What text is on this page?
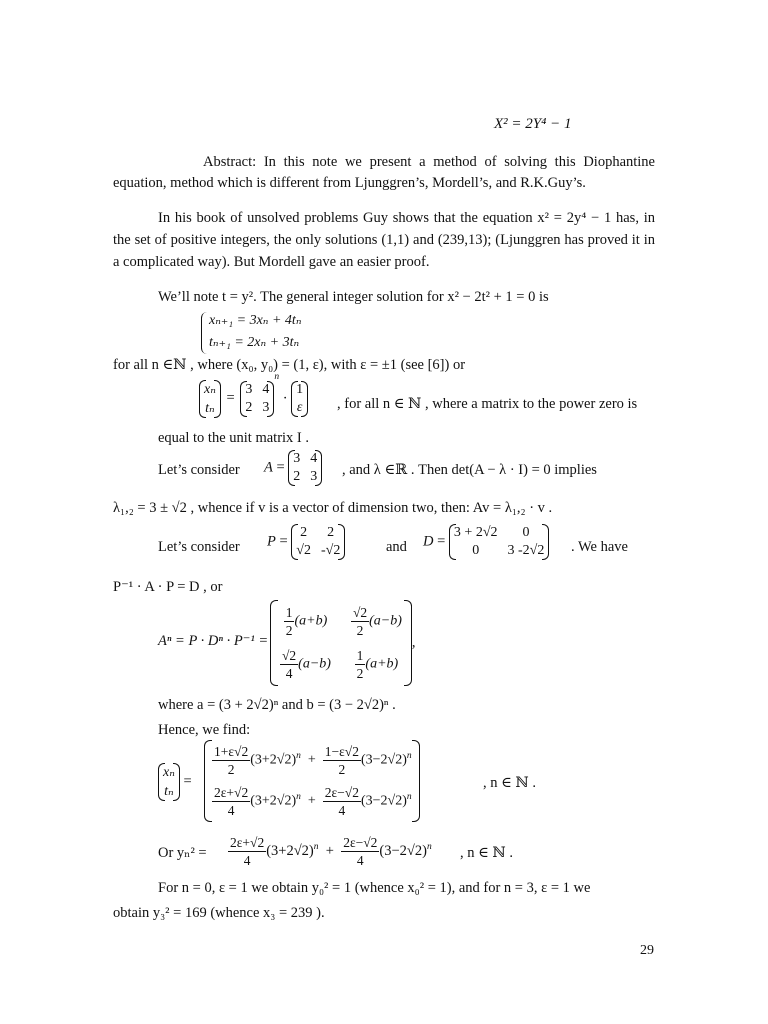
X² = 2Y⁴ − 1
Abstract: In this note we present a method of solving this Diophantine equation, method which is different from Ljunggren’s, Mordell’s, and R.K.Guy’s.
In his book of unsolved problems Guy shows that the equation x² = 2y⁴ − 1 has, in the set of positive integers, the only solutions (1,1) and (239,13); (Ljunggren has proved it in a complicated way). But Mordell gave an easier proof.
We’ll note t = y². The general integer solution for x² − 2t² + 1 = 0 is
xₙ₊₁ = 3xₙ + 4tₙ
tₙ₊₁ = 2xₙ + 3tₙ
for all n ∈ℕ , where (x₀, y₀) = (1, ε), with ε = ±1 (see [6]) or
xₙ
tₙ
=
3	4
2	3
$^n$ ·
1
ε , for all n ∈ ℕ , where a matrix to the power zero is
equal to the unit matrix I .
Let’s consider A =
3	4
2	3 , and λ ∈ℝ . Then det(A − λ · I) = 0 implies
λ₁,₂ = 3 ± √2 , whence if v is a vector of dimension two, then: Av = λ₁,₂ · v .
Let’s consider P =
2	2
√2	-√2	and D =
3 + 2√2	0
0	3 -2√2 . We have
P⁻¹ · A · P = D , or
Aⁿ = P · Dⁿ · P⁻¹ =
$\frac{1}{2} (a+b)$	$\frac{√2}{2} (a-b)$

$\frac{√2}{4} (a-b)$	$\frac{1}{2} (a+b)$
,
where a = (3 + 2√2)ⁿ and b = (3 − 2√2)ⁿ .
Hence, we find:
xₙ
tₙ
=
$\frac{1+\varepsilon√2}{2} (3+2√2)^n + \frac{1-\varepsilon√2}{2} (3-2√2)^n$

$\frac{2\varepsilon+√2}{4} (3+2√2)^n + \frac{2\varepsilon-√2}{4} (3-2√2)^n$
, n ∈ ℕ .
Or $y_n^2 = \frac{2\varepsilon+√2}{4} (3+2√2)^n + \frac{2\varepsilon-√2}{4} (3-2√2)^n$ , n ∈ ℕ .
For n = 0, ε = 1 we obtain y₀² = 1 (whence x₀² = 1), and for n = 3, ε = 1 we
obtain y₃² = 169 (whence x₃ = 239 ).
29
